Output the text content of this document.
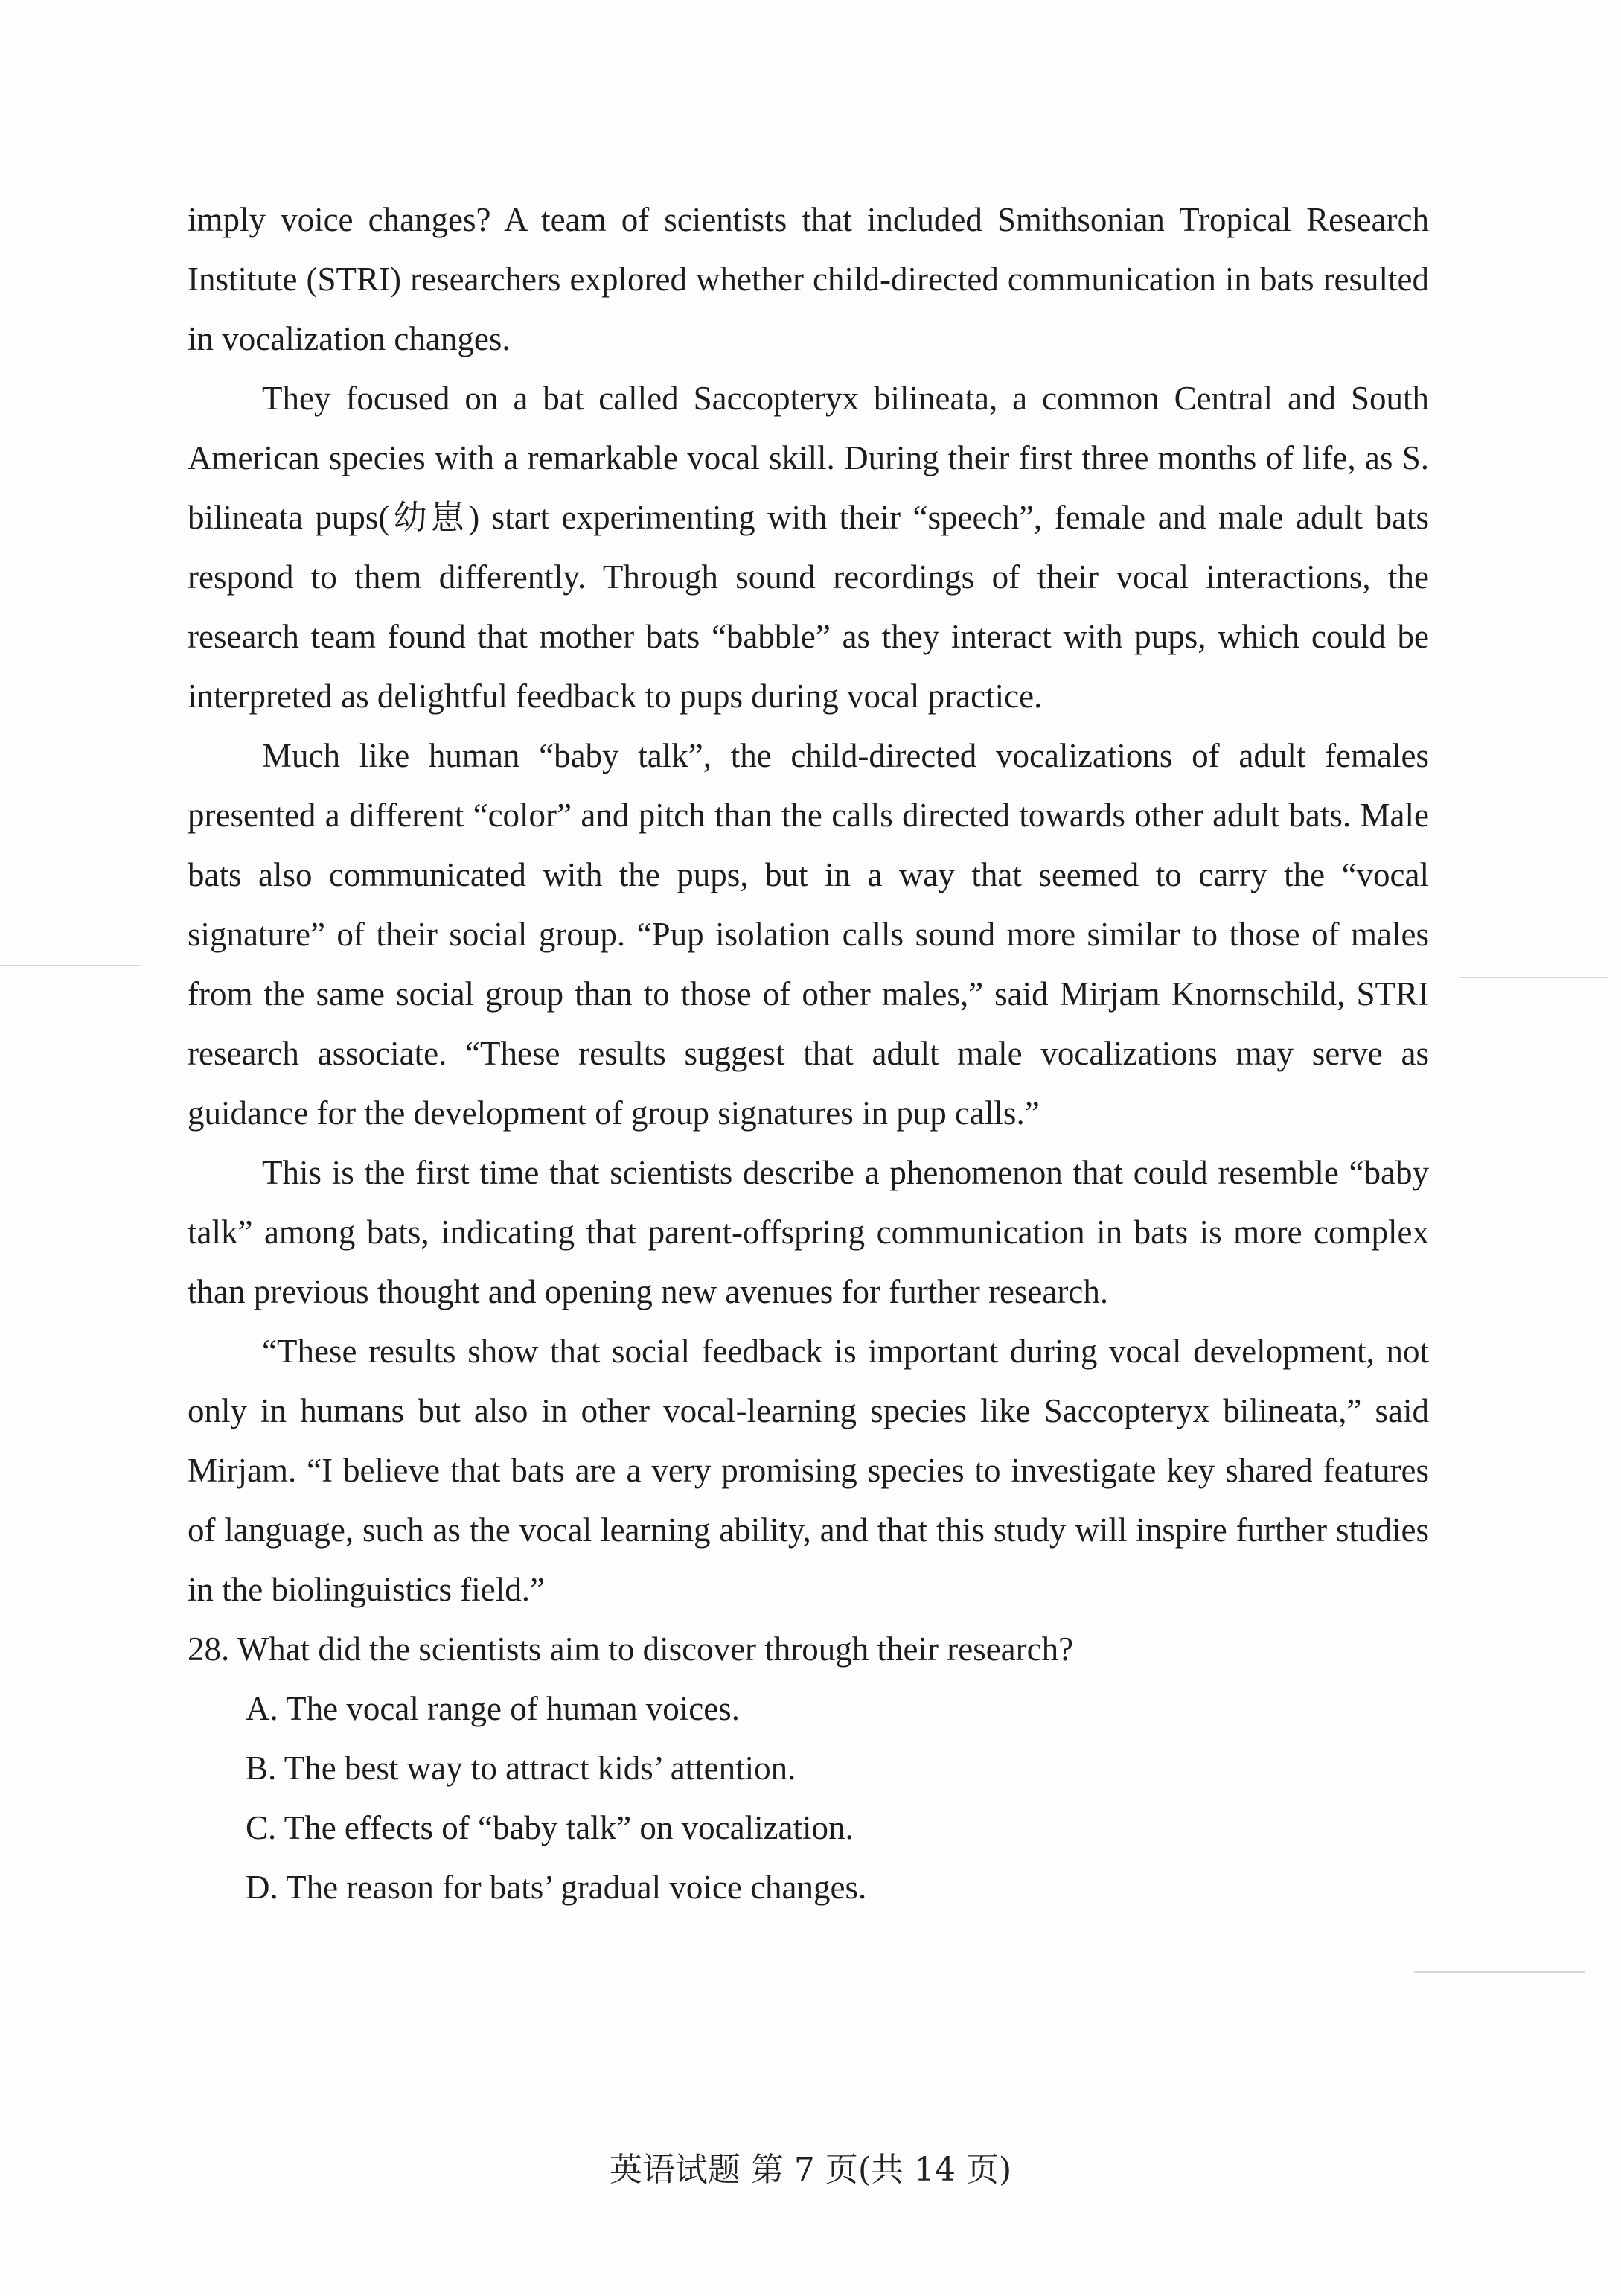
imply voice changes? A team of scientists that included Smithsonian Tropical Research Institute (STRI) researchers explored whether child-directed communication in bats resulted in vocalization changes.

They focused on a bat called Saccopteryx bilineata, a common Central and South American species with a remarkable vocal skill. During their first three months of life, as S. bilineata pups(幼崽) start experimenting with their “speech”, female and male adult bats respond to them differently. Through sound recordings of their vocal interactions, the research team found that mother bats “babble” as they interact with pups, which could be interpreted as delightful feedback to pups during vocal practice.

Much like human “baby talk”, the child-directed vocalizations of adult females presented a different “color” and pitch than the calls directed towards other adult bats. Male bats also communicated with the pups, but in a way that seemed to carry the “vocal signature” of their social group. “Pup isolation calls sound more similar to those of males from the same social group than to those of other males,” said Mirjam Knornschild, STRI research associate. “These results suggest that adult male vocalizations may serve as guidance for the development of group signatures in pup calls.”

This is the first time that scientists describe a phenomenon that could resemble “baby talk” among bats, indicating that parent-offspring communication in bats is more complex than previous thought and opening new avenues for further research.

“These results show that social feedback is important during vocal development, not only in humans but also in other vocal-learning species like Saccopteryx bilineata,” said Mirjam. “I believe that bats are a very promising species to investigate key shared features of language, such as the vocal learning ability, and that this study will inspire further studies in the biolinguistics field.”

28. What did the scientists aim to discover through their research?

A. The vocal range of human voices.

B. The best way to attract kids’ attention.

C. The effects of “baby talk” on vocalization.

D. The reason for bats’ gradual voice changes.

英语试题 第 7 页(共 14 页)
